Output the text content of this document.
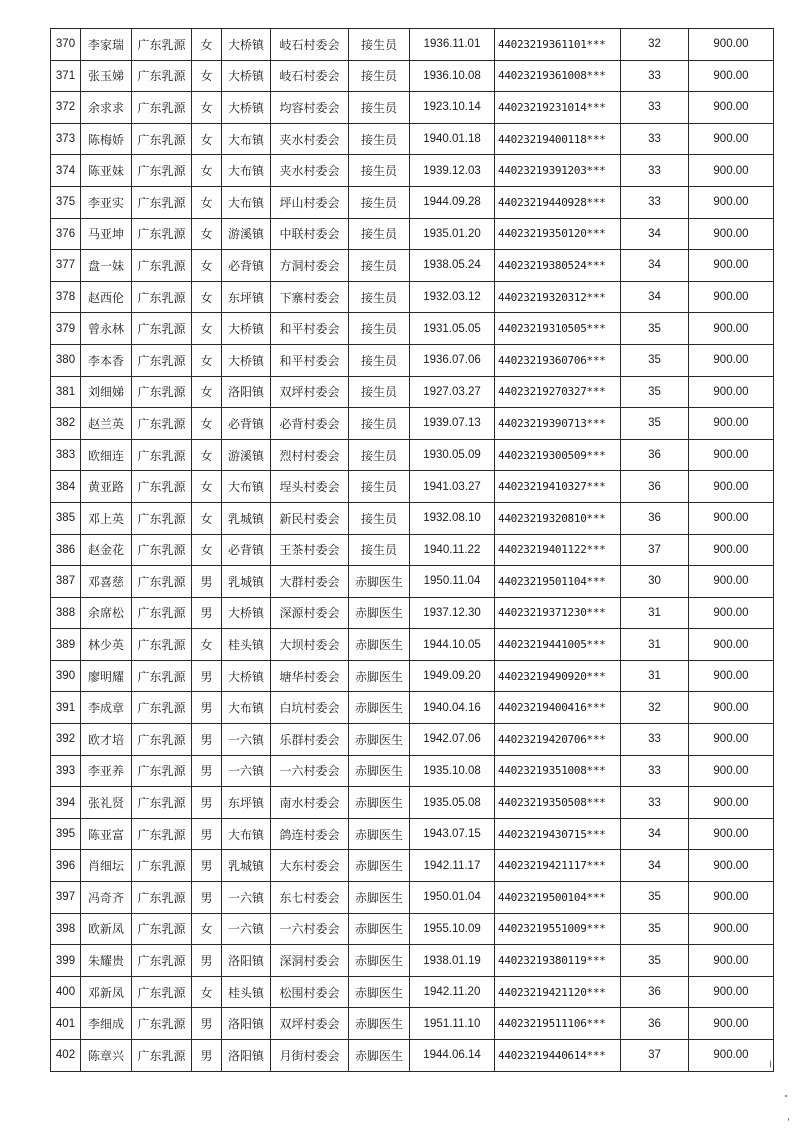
370	李家瑞	广东乳源	女	大桥镇	岐石村委会	接生员	1936.11.01	44023219361101***	32	900.00
371	张玉娣	广东乳源	女	大桥镇	岐石村委会	接生员	1936.10.08	44023219361008***	33	900.00
372	余求求	广东乳源	女	大桥镇	均容村委会	接生员	1923.10.14	44023219231014***	33	900.00
373	陈梅娇	广东乳源	女	大布镇	夹水村委会	接生员	1940.01.18	44023219400118***	33	900.00
374	陈亚妹	广东乳源	女	大布镇	夹水村委会	接生员	1939.12.03	44023219391203***	33	900.00
375	李亚实	广东乳源	女	大布镇	坪山村委会	接生员	1944.09.28	44023219440928***	33	900.00
376	马亚坤	广东乳源	女	游溪镇	中联村委会	接生员	1935.01.20	44023219350120***	34	900.00
377	盘一妹	广东乳源	女	必背镇	方洞村委会	接生员	1938.05.24	44023219380524***	34	900.00
378	赵西伦	广东乳源	女	东坪镇	下寨村委会	接生员	1932.03.12	44023219320312***	34	900.00
379	曾永林	广东乳源	女	大桥镇	和平村委会	接生员	1931.05.05	44023219310505***	35	900.00
380	李本香	广东乳源	女	大桥镇	和平村委会	接生员	1936.07.06	44023219360706***	35	900.00
381	刘细娣	广东乳源	女	洛阳镇	双坪村委会	接生员	1927.03.27	44023219270327***	35	900.00
382	赵兰英	广东乳源	女	必背镇	必背村委会	接生员	1939.07.13	44023219390713***	35	900.00
383	欧细连	广东乳源	女	游溪镇	烈村村委会	接生员	1930.05.09	44023219300509***	36	900.00
384	黄亚路	广东乳源	女	大布镇	埕头村委会	接生员	1941.03.27	44023219410327***	36	900.00
385	邓上英	广东乳源	女	乳城镇	新民村委会	接生员	1932.08.10	44023219320810***	36	900.00
386	赵金花	广东乳源	女	必背镇	王茶村委会	接生员	1940.11.22	44023219401122***	37	900.00
387	邓喜慈	广东乳源	男	乳城镇	大群村委会	赤脚医生	1950.11.04	44023219501104***	30	900.00
388	余席松	广东乳源	男	大桥镇	深源村委会	赤脚医生	1937.12.30	44023219371230***	31	900.00
389	林少英	广东乳源	女	桂头镇	大坝村委会	赤脚医生	1944.10.05	44023219441005***	31	900.00
390	廖明耀	广东乳源	男	大桥镇	塘华村委会	赤脚医生	1949.09.20	44023219490920***	31	900.00
391	李成章	广东乳源	男	大布镇	白坑村委会	赤脚医生	1940.04.16	44023219400416***	32	900.00
392	欧才培	广东乳源	男	一六镇	乐群村委会	赤脚医生	1942.07.06	44023219420706***	33	900.00
393	李亚养	广东乳源	男	一六镇	一六村委会	赤脚医生	1935.10.08	44023219351008***	33	900.00
394	张礼贤	广东乳源	男	东坪镇	南水村委会	赤脚医生	1935.05.08	44023219350508***	33	900.00
395	陈亚富	广东乳源	男	大布镇	鸽连村委会	赤脚医生	1943.07.15	44023219430715***	34	900.00
396	肖细坛	广东乳源	男	乳城镇	大东村委会	赤脚医生	1942.11.17	44023219421117***	34	900.00
397	冯奇齐	广东乳源	男	一六镇	东七村委会	赤脚医生	1950.01.04	44023219500104***	35	900.00
398	欧新凤	广东乳源	女	一六镇	一六村委会	赤脚医生	1955.10.09	44023219551009***	35	900.00
399	朱耀贵	广东乳源	男	洛阳镇	深洞村委会	赤脚医生	1938.01.19	44023219380119***	35	900.00
400	邓新凤	广东乳源	女	桂头镇	松围村委会	赤脚医生	1942.11.20	44023219421120***	36	900.00
401	李细成	广东乳源	男	洛阳镇	双坪村委会	赤脚医生	1951.11.10	44023219511106***	36	900.00
402	陈章兴	广东乳源	男	洛阳镇	月街村委会	赤脚医生	1944.06.14	44023219440614***	37	900.00
